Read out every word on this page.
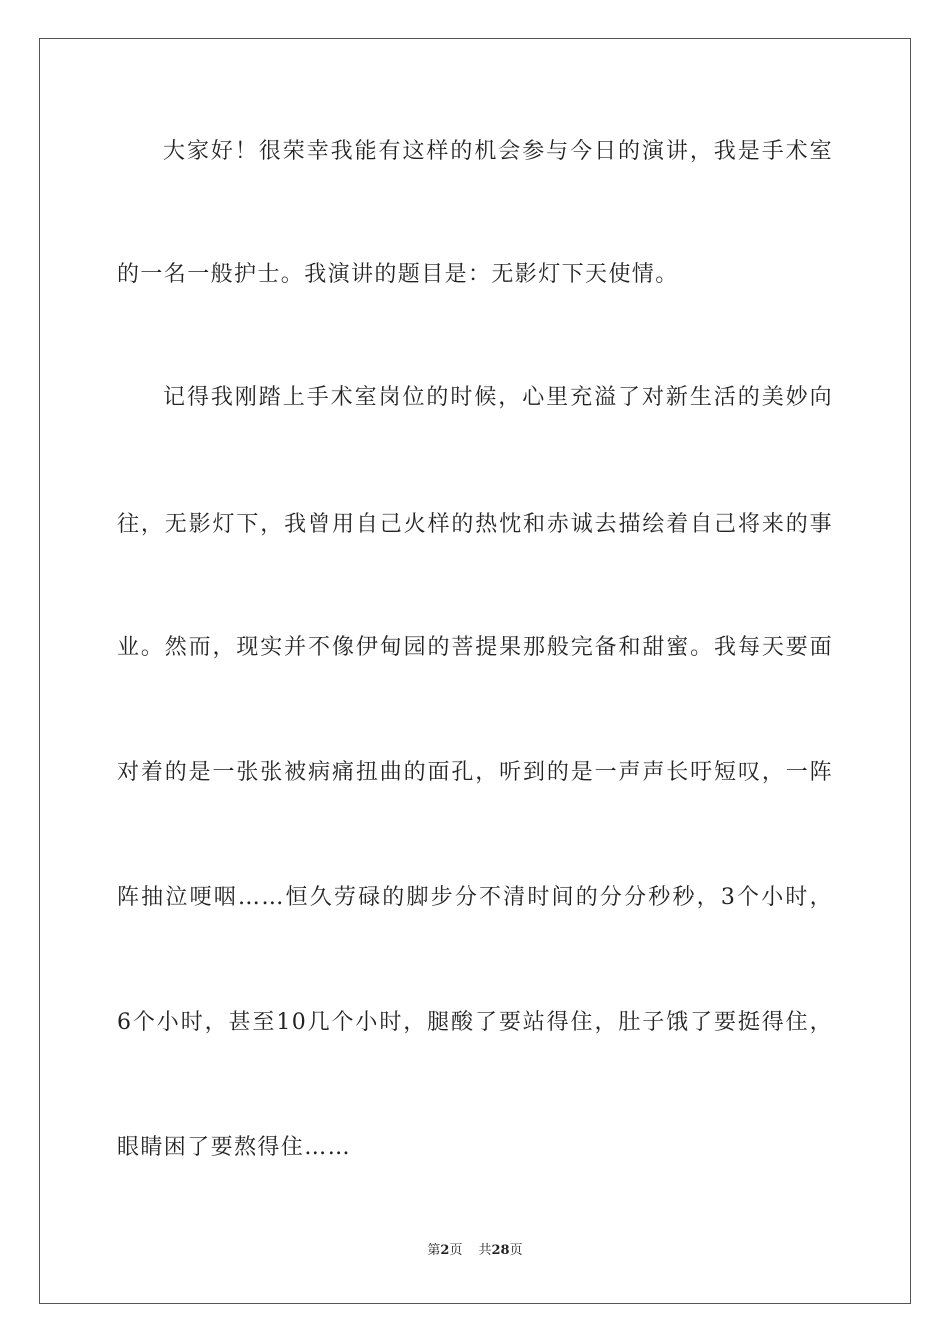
大家好！很荣幸我能有这样的机会参与今日的演讲，我是手术室
的一名一般护士。我演讲的题目是：无影灯下天使情。
记得我刚踏上手术室岗位的时候，心里充溢了对新生活的美妙向
往，无影灯下，我曾用自己火样的热忱和赤诚去描绘着自己将来的事
业。然而，现实并不像伊甸园的菩提果那般完备和甜蜜。我每天要面
对着的是一张张被病痛扭曲的面孔，听到的是一声声长吁短叹，一阵
阵抽泣哽咽……恒久劳碌的脚步分不清时间的分分秒秒，3个小时，
6个小时，甚至10几个小时，腿酸了要站得住，肚子饿了要挺得住，
眼睛困了要熬得住……
第2页 共28页
